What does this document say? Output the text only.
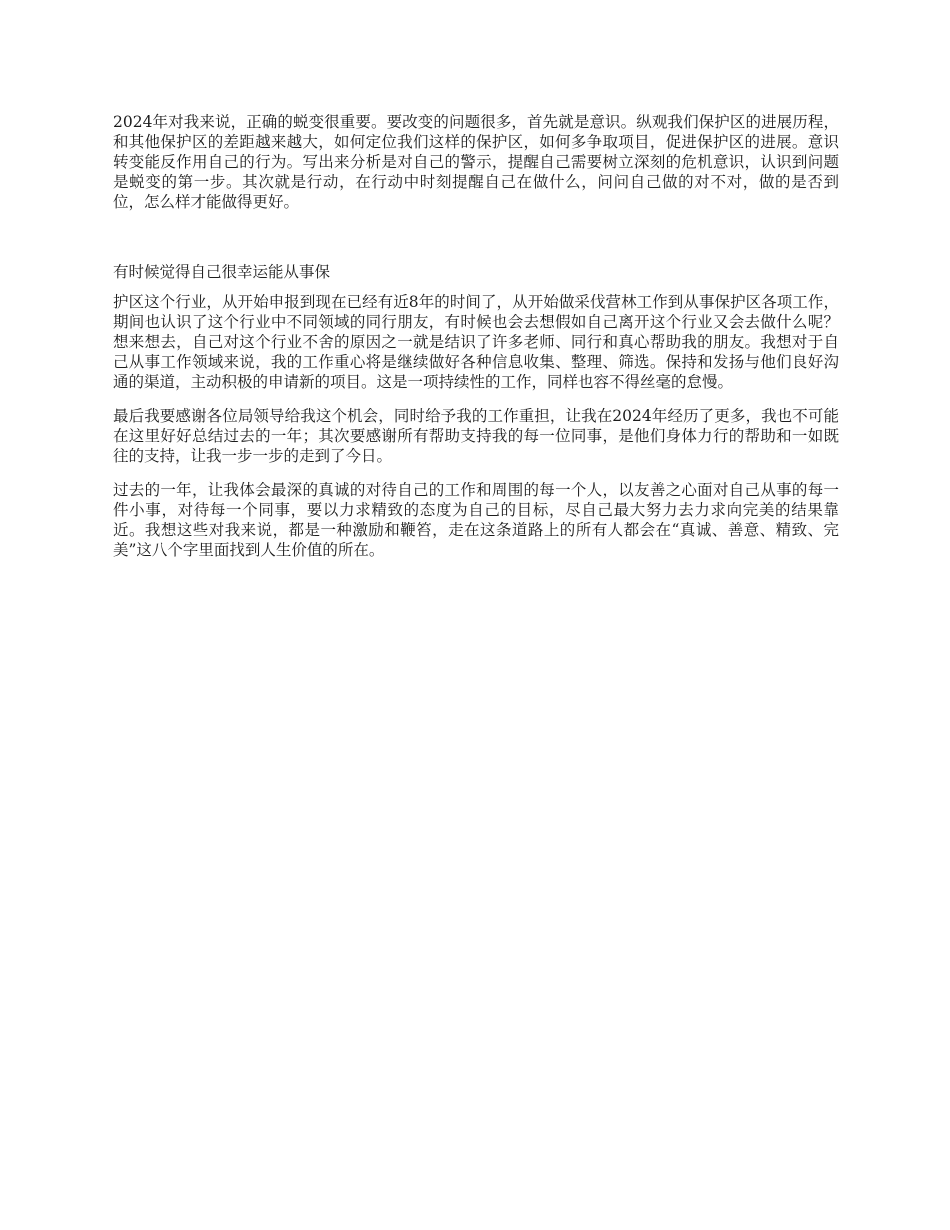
2024年对我来说，正确的蜕变很重要。要改变的问题很多，首先就是意识。纵观我们保护区的进展历程，和其他保护区的差距越来越大，如何定位我们这样的保护区，如何多争取项目，促进保护区的进展。意识转变能反作用自己的行为。写出来分析是对自己的警示，提醒自己需要树立深刻的危机意识，认识到问题是蜕变的第一步。其次就是行动，在行动中时刻提醒自己在做什么，问问自己做的对不对，做的是否到位，怎么样才能做得更好。

有时候觉得自己很幸运能从事保

护区这个行业，从开始申报到现在已经有近8年的时间了，从开始做采伐营林工作到从事保护区各项工作，期间也认识了这个行业中不同领域的同行朋友，有时候也会去想假如自己离开这个行业又会去做什么呢？想来想去，自己对这个行业不舍的原因之一就是结识了许多老师、同行和真心帮助我的朋友。我想对于自己从事工作领域来说，我的工作重心将是继续做好各种信息收集、整理、筛选。保持和发扬与他们良好沟通的渠道，主动积极的申请新的项目。这是一项持续性的工作，同样也容不得丝毫的怠慢。

最后我要感谢各位局领导给我这个机会，同时给予我的工作重担，让我在2024年经历了更多，我也不可能在这里好好总结过去的一年；其次要感谢所有帮助支持我的每一位同事，是他们身体力行的帮助和一如既往的支持，让我一步一步的走到了今日。

过去的一年，让我体会最深的真诚的对待自己的工作和周围的每一个人，以友善之心面对自己从事的每一件小事，对待每一个同事，要以力求精致的态度为自己的目标，尽自己最大努力去力求向完美的结果靠近。我想这些对我来说，都是一种激励和鞭笞，走在这条道路上的所有人都会在“真诚、善意、精致、完美”这八个字里面找到人生价值的所在。
